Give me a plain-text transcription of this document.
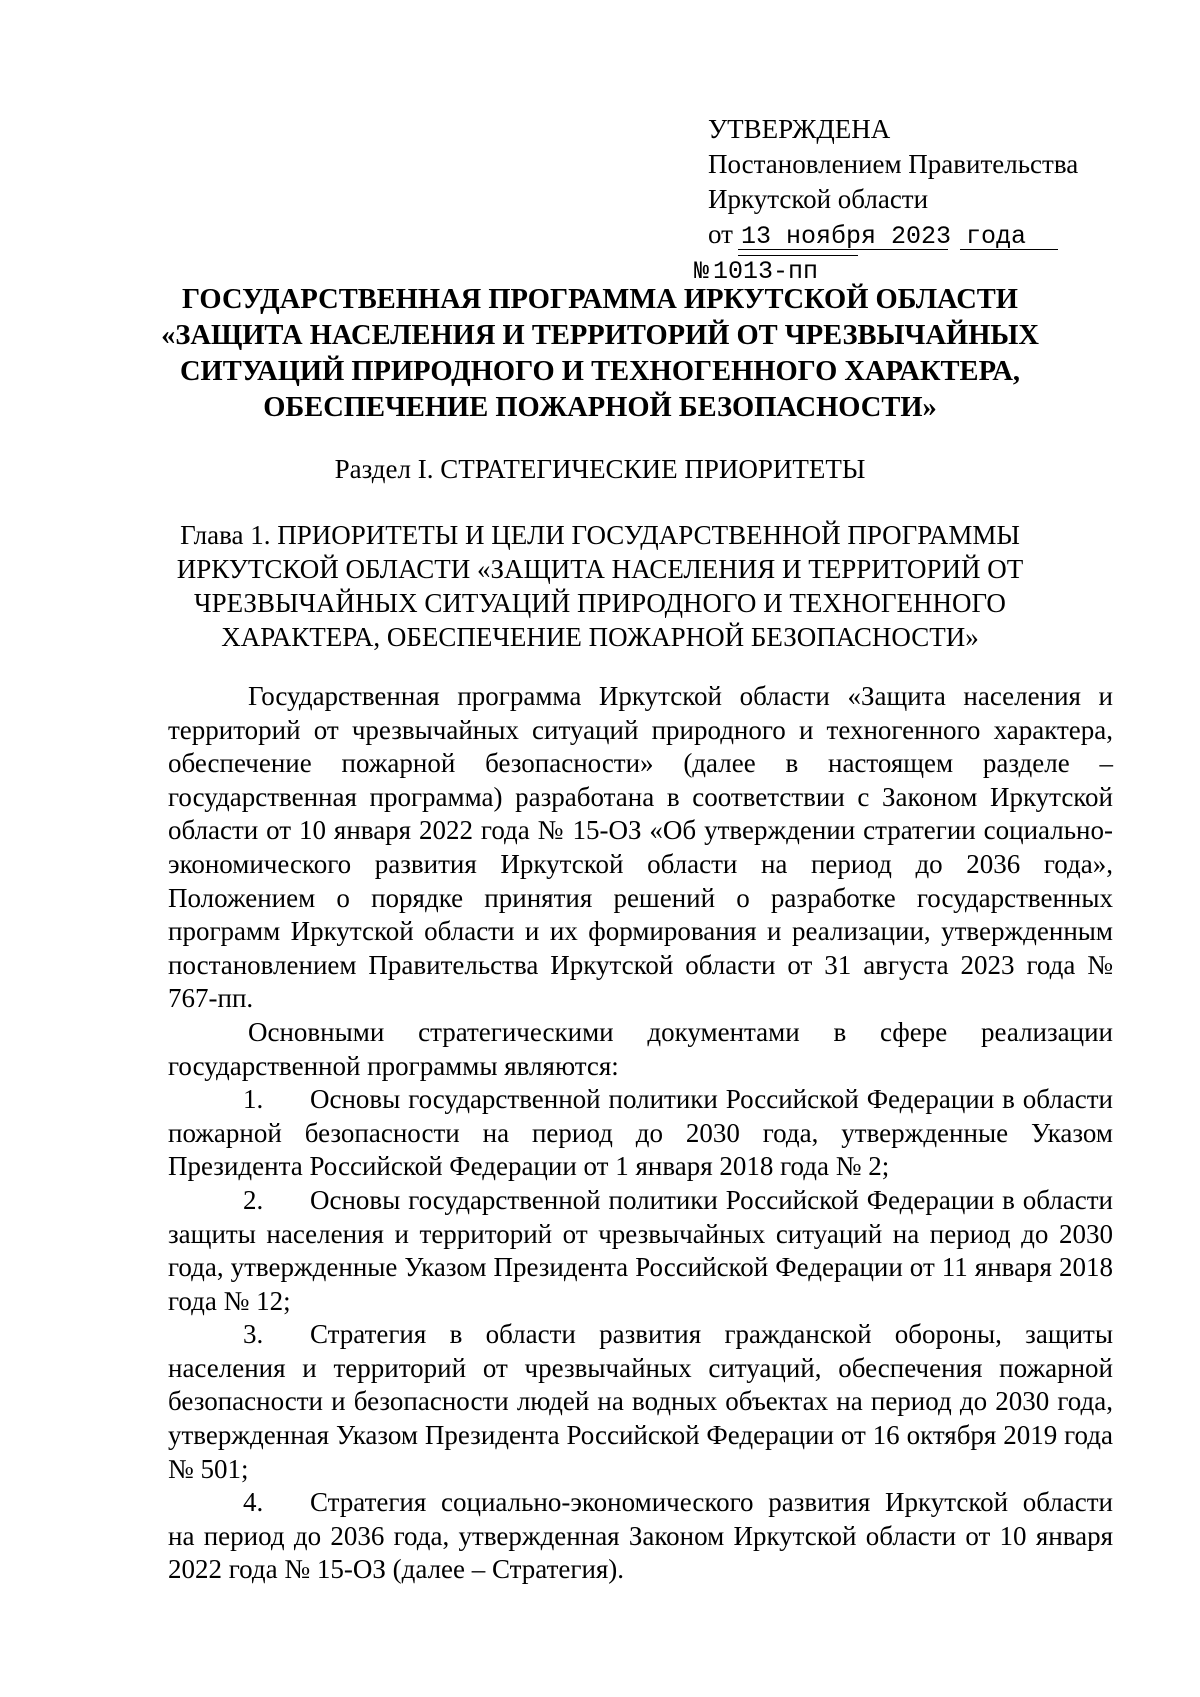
УТВЕРЖДЕНА
Постановлением Правительства
Иркутской области
от 13 ноября 2023 года
№ 1013-пп
ГОСУДАРСТВЕННАЯ ПРОГРАММА ИРКУТСКОЙ ОБЛАСТИ
«ЗАЩИТА НАСЕЛЕНИЯ И ТЕРРИТОРИЙ ОТ ЧРЕЗВЫЧАЙНЫХ
СИТУАЦИЙ ПРИРОДНОГО И ТЕХНОГЕННОГО ХАРАКТЕРА,
ОБЕСПЕЧЕНИЕ ПОЖАРНОЙ БЕЗОПАСНОСТИ»
Раздел I. СТРАТЕГИЧЕСКИЕ ПРИОРИТЕТЫ
Глава 1. ПРИОРИТЕТЫ И ЦЕЛИ ГОСУДАРСТВЕННОЙ ПРОГРАММЫ
ИРКУТСКОЙ ОБЛАСТИ «ЗАЩИТА НАСЕЛЕНИЯ И ТЕРРИТОРИЙ ОТ
ЧРЕЗВЫЧАЙНЫХ СИТУАЦИЙ ПРИРОДНОГО И ТЕХНОГЕННОГО
ХАРАКТЕРА, ОБЕСПЕЧЕНИЕ ПОЖАРНОЙ БЕЗОПАСНОСТИ»

Государственная программа Иркутской области «Защита населения и территорий от чрезвычайных ситуаций природного и техногенного характера, обеспечение пожарной безопасности» (далее в настоящем разделе – государственная программа) разработана в соответствии с Законом Иркутской области от 10 января 2022 года № 15-ОЗ «Об утверждении стратегии социально-экономического развития Иркутской области на период до 2036 года», Положением о порядке принятия решений о разработке государственных программ Иркутской области и их формирования и реализации, утвержденным постановлением Правительства Иркутской области от 31 августа 2023 года № 767-пп.

Основными стратегическими документами в сфере реализации государственной программы являются:

1. Основы государственной политики Российской Федерации в области пожарной безопасности на период до 2030 года, утвержденные Указом Президента Российской Федерации от 1 января 2018 года № 2;

2. Основы государственной политики Российской Федерации в области защиты населения и территорий от чрезвычайных ситуаций на период до 2030 года, утвержденные Указом Президента Российской Федерации от 11 января 2018 года № 12;

3. Стратегия в области развития гражданской обороны, защиты населения и территорий от чрезвычайных ситуаций, обеспечения пожарной безопасности и безопасности людей на водных объектах на период до 2030 года, утвержденная Указом Президента Российской Федерации от 16 октября 2019 года № 501;

4. Стратегия социально-экономического развития Иркутской области на период до 2036 года, утвержденная Законом Иркутской области от 10 января 2022 года № 15-ОЗ (далее – Стратегия).
